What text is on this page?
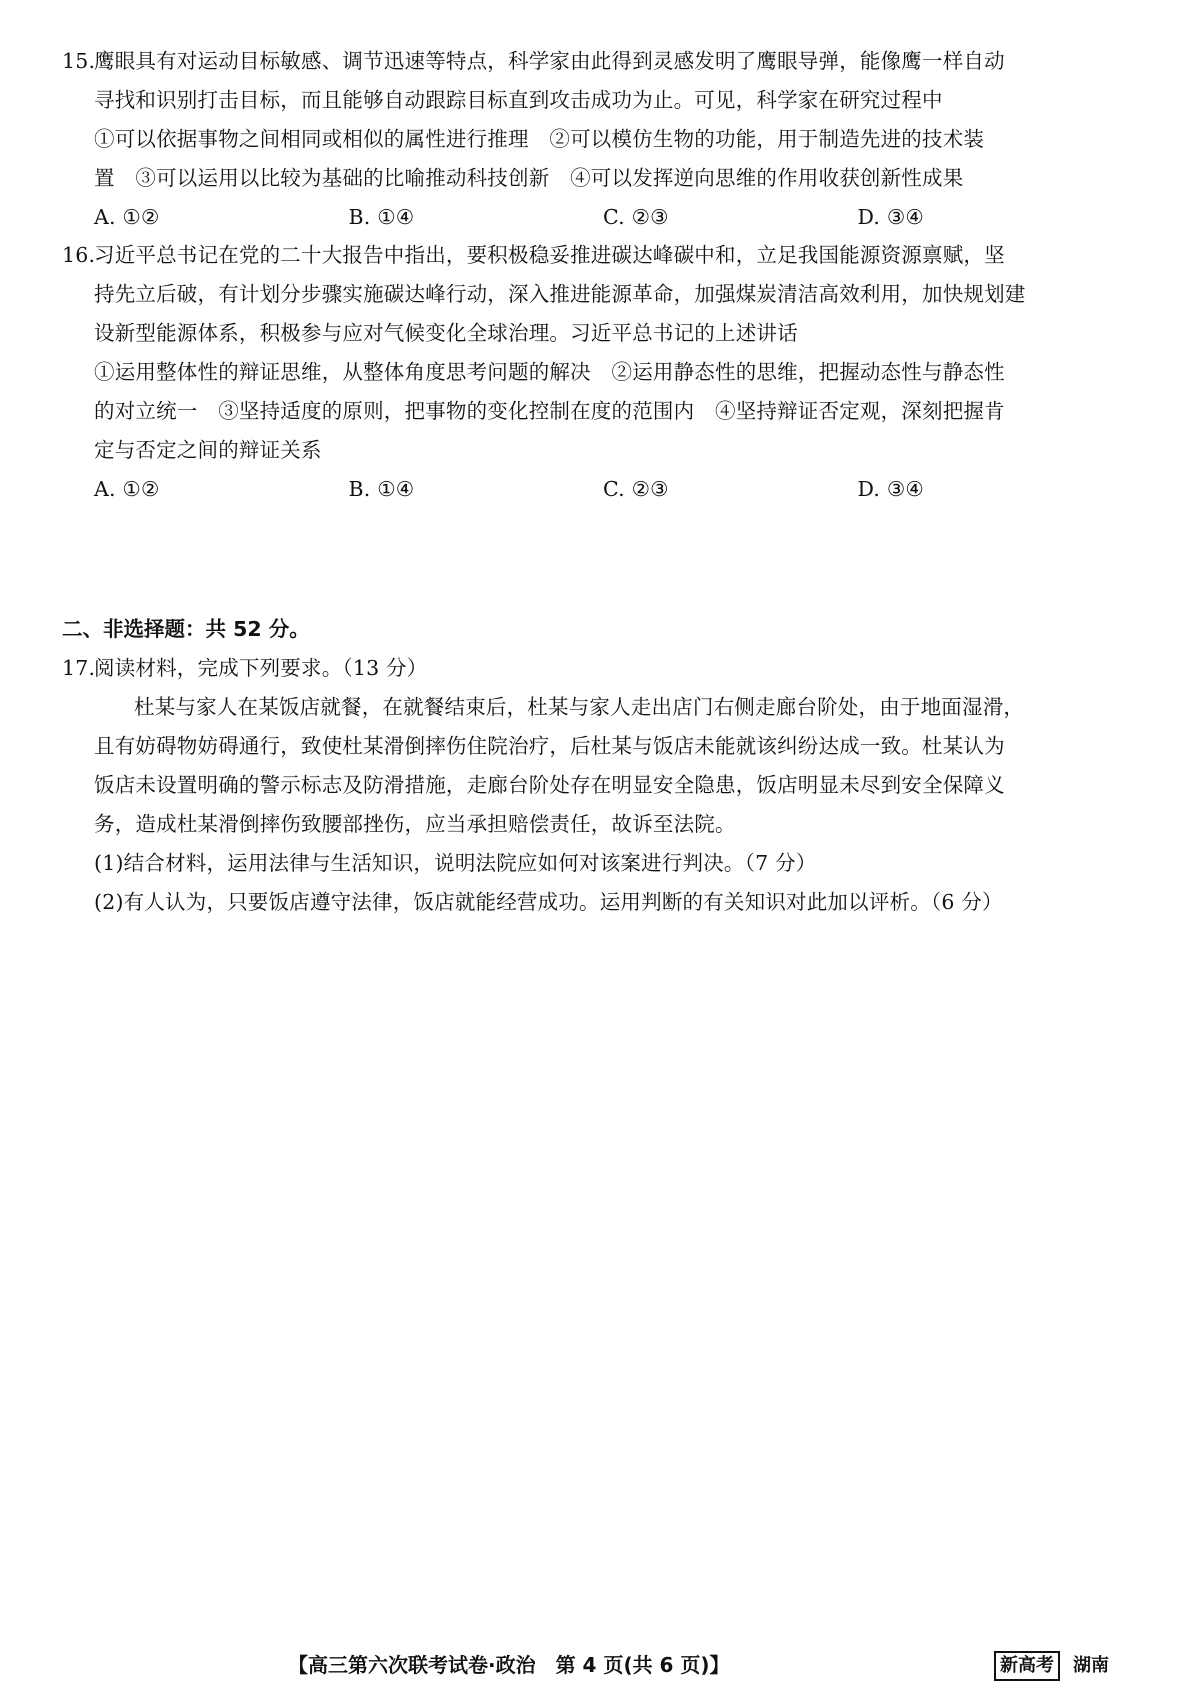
15.鹰眼具有对运动目标敏感、调节迅速等特点，科学家由此得到灵感发明了鹰眼导弹，能像鹰一样自动
寻找和识别打击目标，而且能够自动跟踪目标直到攻击成功为止。可见，科学家在研究过程中
①可以依据事物之间相同或相似的属性进行推理　②可以模仿生物的功能，用于制造先进的技术装
置　③可以运用以比较为基础的比喻推动科技创新　④可以发挥逆向思维的作用收获创新性成果
A. ①②	B. ①④	C. ②③	D. ③④
16.习近平总书记在党的二十大报告中指出，要积极稳妥推进碳达峰碳中和，立足我国能源资源禀赋，坚
持先立后破，有计划分步骤实施碳达峰行动，深入推进能源革命，加强煤炭清洁高效利用，加快规划建
设新型能源体系，积极参与应对气候变化全球治理。习近平总书记的上述讲话
①运用整体性的辩证思维，从整体角度思考问题的解决　②运用静态性的思维，把握动态性与静态性
的对立统一　③坚持适度的原则，把事物的变化控制在度的范围内　④坚持辩证否定观，深刻把握肯
定与否定之间的辩证关系
A. ①②	B. ①④	C. ②③	D. ③④
二、非选择题：共 52 分。
17.阅读材料，完成下列要求。（13 分）
杜某与家人在某饭店就餐，在就餐结束后，杜某与家人走出店门右侧走廊台阶处，由于地面湿滑，
且有妨碍物妨碍通行，致使杜某滑倒摔伤住院治疗，后杜某与饭店未能就该纠纷达成一致。杜某认为
饭店未设置明确的警示标志及防滑措施，走廊台阶处存在明显安全隐患，饭店明显未尽到安全保障义
务，造成杜某滑倒摔伤致腰部挫伤，应当承担赔偿责任，故诉至法院。
(1)结合材料，运用法律与生活知识，说明法院应如何对该案进行判决。（7 分）
(2)有人认为，只要饭店遵守法律，饭店就能经营成功。运用判断的有关知识对此加以评析。（6 分）
【高三第六次联考试卷·政治　第 4 页(共 6 页)】	新高考	湖南
